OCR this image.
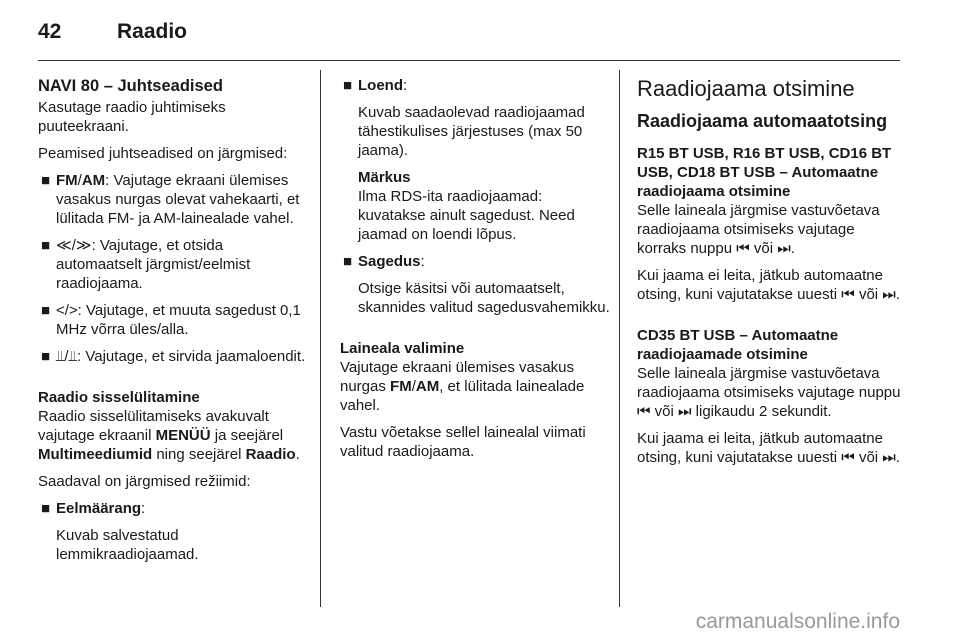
42	Raadio
NAVI 80 – Juhtseadised

Kasutage raadio juhtimiseks puuteekraani.

Peamised juhtseadised on järgmised:

■ FM/AM: Vajutage ekraani ülemises vasakus nurgas olevat vahekaarti, et lülitada FM- ja AM-lainealade vahel.
■ ≪/≫: Vajutage, et otsida automaatselt järgmist/eelmist raadiojaama.
■ </>: Vajutage, et muuta sagedust 0,1 MHz võrra üles/alla.
■ ⫫/⫫: Vajutage, et sirvida jaamaloendit.
Raadio sisselülitamine

Raadio sisselülitamiseks avakuvalt vajutage ekraanil MENÜÜ ja seejärel Multimeediumid ning seejärel Raadio.

Saadaval on järgmised režiimid:

■ Eelmäärang:

Kuvab salvestatud lemmikraadiojaamad.

■ Loend:

Kuvab saadaolevad raadiojaamad tähestikulises järjestuses (max 50 jaama).

Märkus

Ilma RDS-ita raadiojaamad: kuvatakse ainult sagedust. Need jaamad on loendi lõpus.

■ Sagedus:

Otsige käsitsi või automaatselt, skannides valitud sagedusvahemikku.

Laineala valimine

Vajutage ekraani ülemises vasakus nurgas FM/AM, et lülitada lainealade vahel.

Vastu võetakse sellel lainealal viimati valitud raadiojaama.

Raadiojaama otsimine
Raadiojaama automaatotsing
R15 BT USB, R16 BT USB, CD16 BT USB, CD18 BT USB – Automaatne raadiojaama otsimine

Selle laineala järgmise vastuvõetava raadiojaama otsimiseks vajutage korraks nuppu ⏮ või ⏭.

Kui jaama ei leita, jätkub automaatne otsing, kuni vajutatakse uuesti ⏮ või ⏭.

CD35 BT USB – Automaatne raadiojaamade otsimine

Selle laineala järgmise vastuvõetava raadiojaama otsimiseks vajutage nuppu ⏮ või ⏭ ligikaudu 2 sekundit.

Kui jaama ei leita, jätkub automaatne otsing, kuni vajutatakse uuesti ⏮ või ⏭.

carmanualsonline.info
